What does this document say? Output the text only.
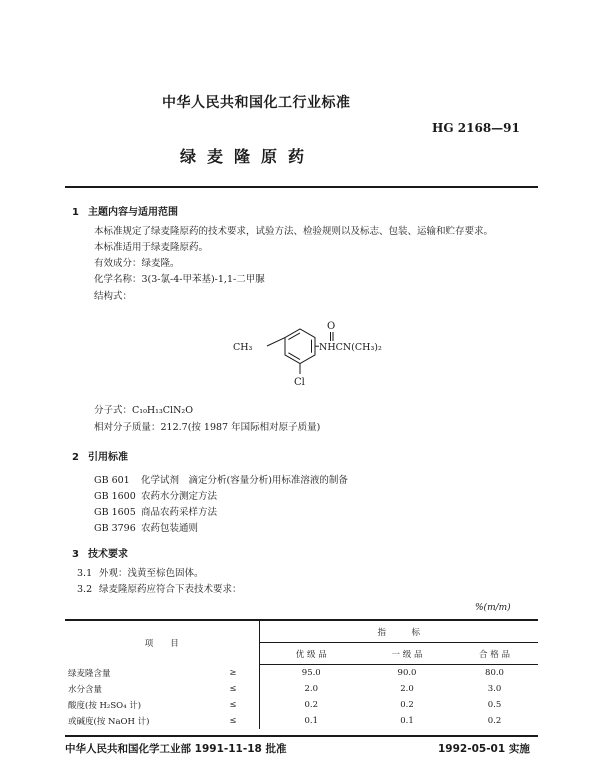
中华人民共和国化工行业标准
HG 2168—91
绿麦隆原药
1 主题内容与适用范围
本标准规定了绿麦隆原药的技术要求，试验方法、检验规则以及标志、包装、运输和贮存要求。
本标准适用于绿麦隆原药。
有效成分：绿麦隆。
化学名称：3(3-氯-4-甲苯基)-1,1-二甲脲
结构式：
O
CH₃	NHCN(CH₃)₂
Cl
分子式：C₁₀H₁₃ClN₂O
相对分子质量：212.7(按 1987 年国际相对原子质量)
2 引用标准
GB 601 化学试剂　滴定分析(容量分析)用标准溶液的制备
GB 1600 农药水分测定方法
GB 1605 商品农药采样方法
GB 3796 农药包装通则
3 技术要求
3.1 外观：浅黄至棕色固体。
3.2 绿麦隆原药应符合下表技术要求：
%(m/m)
项　　目		指　　　标		
		优 级 品	一 级 品	合 格 品
绿麦隆含量	≥	95.0	90.0	80.0
水分含量	≤	2.0	2.0	3.0
酸度(按 H₂SO₄ 计)	≤	0.2	0.2	0.5
或碱度(按 NaOH 计)	≤	0.1	0.1	0.2
中华人民共和国化学工业部 1991-11-18 批准	1992-05-01 实施
